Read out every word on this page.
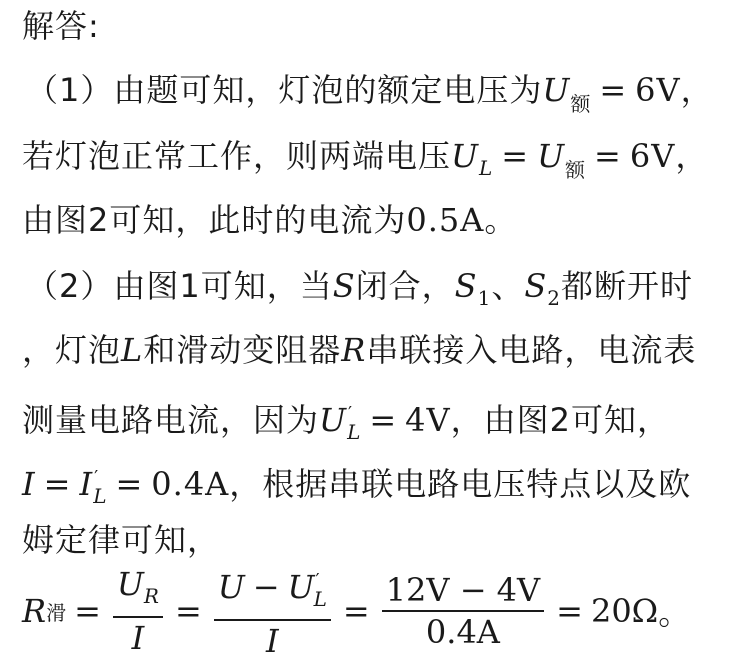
解答:
（1）由题可知，灯泡的额定电压为$U_额 = 6V$，
若灯泡正常工作，则两端电压$U_L = U_额 = 6V$，
由图2可知，此时的电流为0.5A。
（2）由图1可知，当S闭合，$S_1$、$S_2$都断开时
，灯泡L和滑动变阻器R串联接入电路，电流表
测量电路电流，因为$U'_L = 4V$，由图2可知，
$I = I'_L = 0.4A$，根据串联电路电压特点以及欧
姆定律可知，
R 滑 = $\frac{U_R}{I} = \frac{U - U'_L}{I} = \frac{12V - 4V}{0.4A} = 20\Omega$ 。
